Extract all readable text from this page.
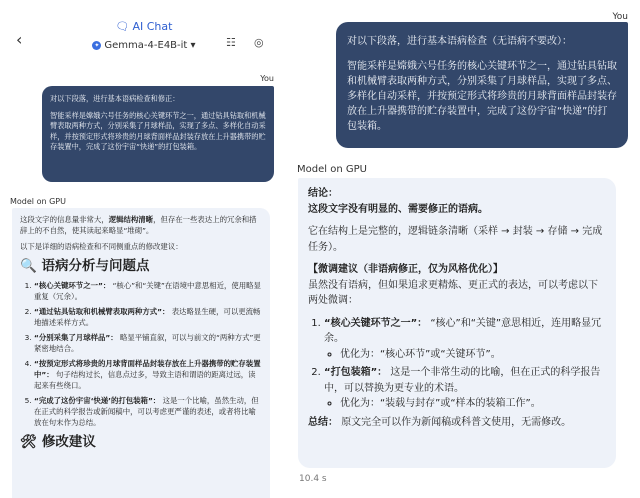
‹
🗨 AI Chat
✦ Gemma-4-E4B-it ▾	☷ ◎
You

对以下段落，进行基本语病检查和修正：

智能采样是嫦娥六号任务的核心关键环节之一，通过钻具钻取和机械臂表取两种方式，分别采集了月球样品，实现了多点、多样化自动采样，并按预定形式将珍贵的月球背面样品封装存放在上升器携带的贮存装置中，完成了这份宇宙“快递”的打包装箱。

Model on GPU

这段文字的信息量非常大，逻辑结构清晰，但存在一些表达上的冗余和措辞上的不自然，使其读起来略显“堆砌”。

以下是详细的语病检查和不同侧重点的修改建议：

🔍 语病分析与问题点
1. “核心关键环节之一”： “核心”和“关键”在语境中意思相近，使用略显重复（冗余）。
2. “通过钻具钻取和机械臂表取两种方式”： 表达略显生硬，可以更流畅地描述采样方式。
3. “分别采集了月球样品”： 略显平铺直叙，可以与前文的“两种方式”更紧密地结合。
4. “按预定形式将珍贵的月球背面样品封装存放在上升器携带的贮存装置中”： 句子结构过长，信息点过多，导致主语和谓语的距离过远，读起来有些绕口。
5. “完成了这份宇宙‘快递’的打包装箱”： 这是一个比喻，虽然生动，但在正式的科学报告或新闻稿中，可以考虑更严谨的表述，或者将比喻放在句末作为总结。
🛠 修改建议
You

对以下段落，进行基本语病检查（无语病不要改）：

智能采样是嫦娥六号任务的核心关键环节之一，通过钻具钻取和机械臂表取两种方式，分别采集了月球样品，实现了多点、多样化自动采样，并按预定形式将珍贵的月球背面样品封装存放在上升器携带的贮存装置中，完成了这份宇宙“快递”的打包装箱。

Model on GPU
结论：

这段文字没有明显的、需要修正的语病。

它在结构上是完整的，逻辑链条清晰（采样 → 封装 → 存储 → 完成任务）。

【微调建议（非语病修正，仅为风格优化）】

虽然没有语病，但如果追求更精炼、更正式的表达，可以考虑以下两处微调：

1. “核心关键环节之一”： “核心”和“关键”意思相近，连用略显冗余。
◦ 优化为：“核心环节”或“关键环节”。
2. “打包装箱”： 这是一个非常生动的比喻，但在正式的科学报告中，可以替换为更专业的术语。
◦ 优化为：“装载与封存”或“样本的装箱工作”。
总结： 原文完全可以作为新闻稿或科普文使用，无需修改。
10.4 s
